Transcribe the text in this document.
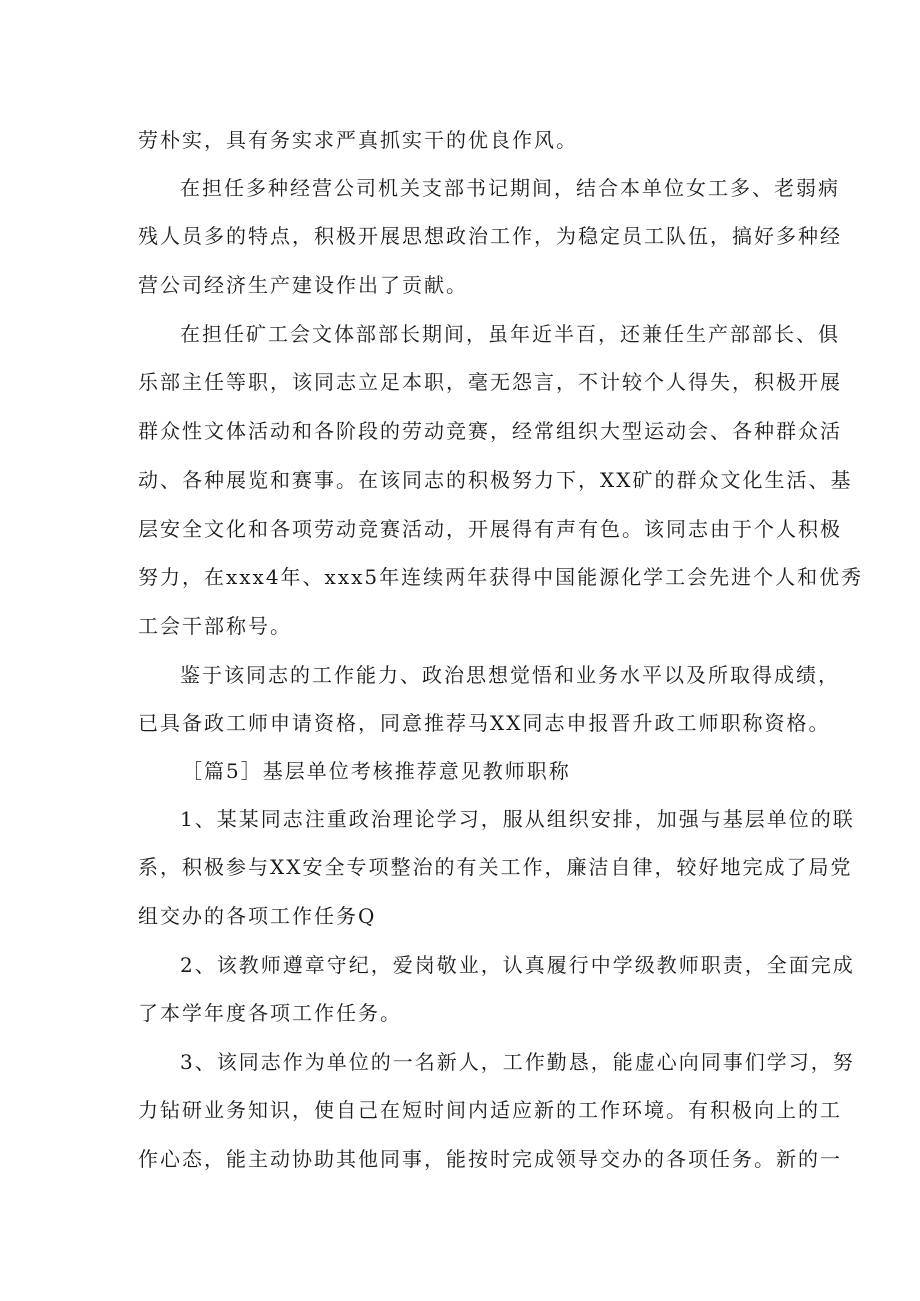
劳朴实，具有务实求严真抓实干的优良作风。
在担任多种经营公司机关支部书记期间，结合本单位女工多、老弱病
残人员多的特点，积极开展思想政治工作，为稳定员工队伍，搞好多种经
营公司经济生产建设作出了贡献。
在担任矿工会文体部部长期间，虽年近半百，还兼任生产部部长、俱
乐部主任等职，该同志立足本职，毫无怨言，不计较个人得失，积极开展
群众性文体活动和各阶段的劳动竞赛，经常组织大型运动会、各种群众活
动、各种展览和赛事。在该同志的积极努力下，XX矿的群众文化生活、基
层安全文化和各项劳动竞赛活动，开展得有声有色。该同志由于个人积极
努力，在xxx4年、xxx5年连续两年获得中国能源化学工会先进个人和优秀
工会干部称号。
鉴于该同志的工作能力、政治思想觉悟和业务水平以及所取得成绩，
已具备政工师申请资格，同意推荐马XX同志申报晋升政工师职称资格。
［篇5］基层单位考核推荐意见教师职称
1、某某同志注重政治理论学习，服从组织安排，加强与基层单位的联
系，积极参与XX安全专项整治的有关工作，廉洁自律，较好地完成了局党
组交办的各项工作任务Q
2、该教师遵章守纪，爱岗敬业，认真履行中学级教师职责，全面完成
了本学年度各项工作任务。
3、该同志作为单位的一名新人，工作勤恳，能虚心向同事们学习，努
力钻研业务知识，使自己在短时间内适应新的工作环境。有积极向上的工
作心态，能主动协助其他同事，能按时完成领导交办的各项任务。新的一
